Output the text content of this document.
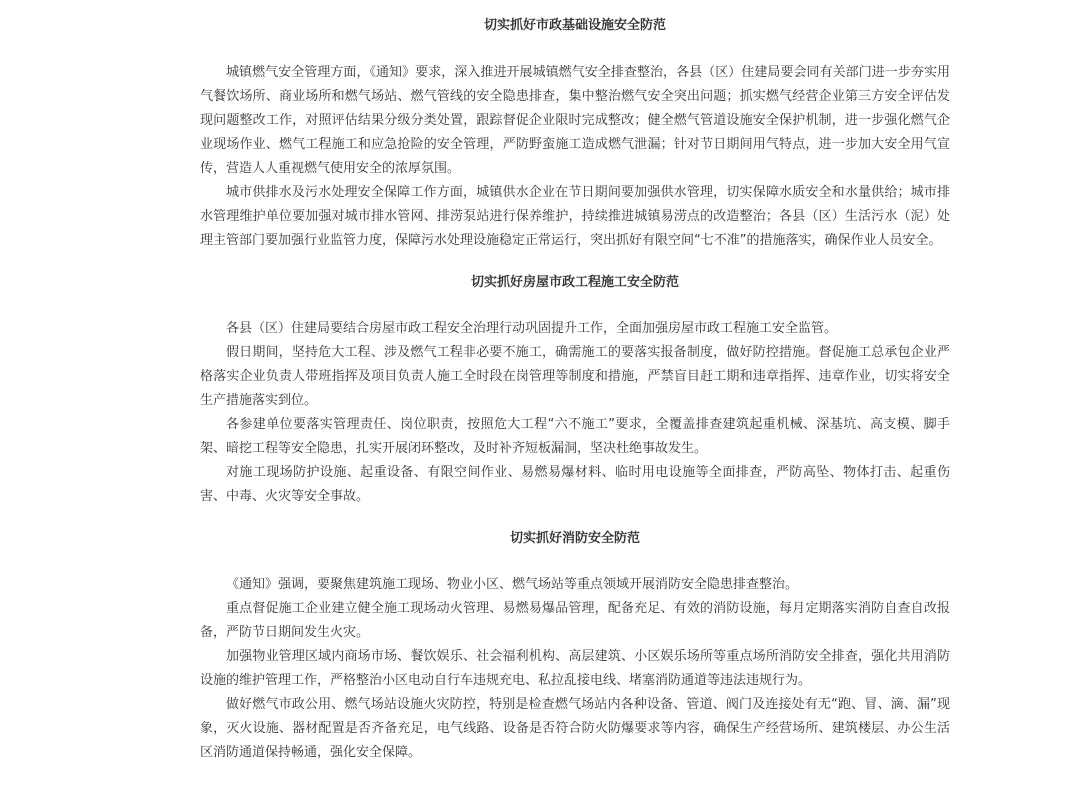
切实抓好市政基础设施安全防范

城镇燃气安全管理方面，《通知》要求，深入推进开展城镇燃气安全排查整治，各县（区）住建局要会同有关部门进一步夯实用气餐饮场所、商业场所和燃气场站、燃气管线的安全隐患排查，集中整治燃气安全突出问题；抓实燃气经营企业第三方安全评估发现问题整改工作，对照评估结果分级分类处置，跟踪督促企业限时完成整改；健全燃气管道设施安全保护机制，进一步强化燃气企业现场作业、燃气工程施工和应急抢险的安全管理，严防野蛮施工造成燃气泄漏；针对节日期间用气特点，进一步加大安全用气宣传，营造人人重视燃气使用安全的浓厚氛围。

城市供排水及污水处理安全保障工作方面，城镇供水企业在节日期间要加强供水管理，切实保障水质安全和水量供给；城市排水管理维护单位要加强对城市排水管网、排涝泵站进行保养维护，持续推进城镇易涝点的改造整治；各县（区）生活污水（泥）处理主管部门要加强行业监管力度，保障污水处理设施稳定正常运行，突出抓好有限空间“七不准”的措施落实，确保作业人员安全。

切实抓好房屋市政工程施工安全防范

各县（区）住建局要结合房屋市政工程安全治理行动巩固提升工作，全面加强房屋市政工程施工安全监管。

假日期间，坚持危大工程、涉及燃气工程非必要不施工，确需施工的要落实报备制度，做好防控措施。督促施工总承包企业严格落实企业负责人带班指挥及项目负责人施工全时段在岗管理等制度和措施，严禁盲目赶工期和违章指挥、违章作业，切实将安全生产措施落实到位。

各参建单位要落实管理责任、岗位职责，按照危大工程“六不施工”要求，全覆盖排查建筑起重机械、深基坑、高支模、脚手架、暗挖工程等安全隐患，扎实开展闭环整改，及时补齐短板漏洞，坚决杜绝事故发生。

对施工现场防护设施、起重设备、有限空间作业、易燃易爆材料、临时用电设施等全面排查，严防高坠、物体打击、起重伤害、中毒、火灾等安全事故。

切实抓好消防安全防范

《通知》强调，要聚焦建筑施工现场、物业小区、燃气场站等重点领域开展消防安全隐患排查整治。

重点督促施工企业建立健全施工现场动火管理、易燃易爆品管理，配备充足、有效的消防设施，每月定期落实消防自查自改报备，严防节日期间发生火灾。

加强物业管理区域内商场市场、餐饮娱乐、社会福利机构、高层建筑、小区娱乐场所等重点场所消防安全排查，强化共用消防设施的维护管理工作，严格整治小区电动自行车违规充电、私拉乱接电线、堵塞消防通道等违法违规行为。

做好燃气市政公用、燃气场站设施火灾防控，特别是检查燃气场站内各种设备、管道、阀门及连接处有无“跑、冒、滴、漏”现象，灭火设施、器材配置是否齐备充足，电气线路、设备是否符合防火防爆要求等内容，确保生产经营场所、建筑楼层、办公生活区消防通道保持畅通，强化安全保障。
